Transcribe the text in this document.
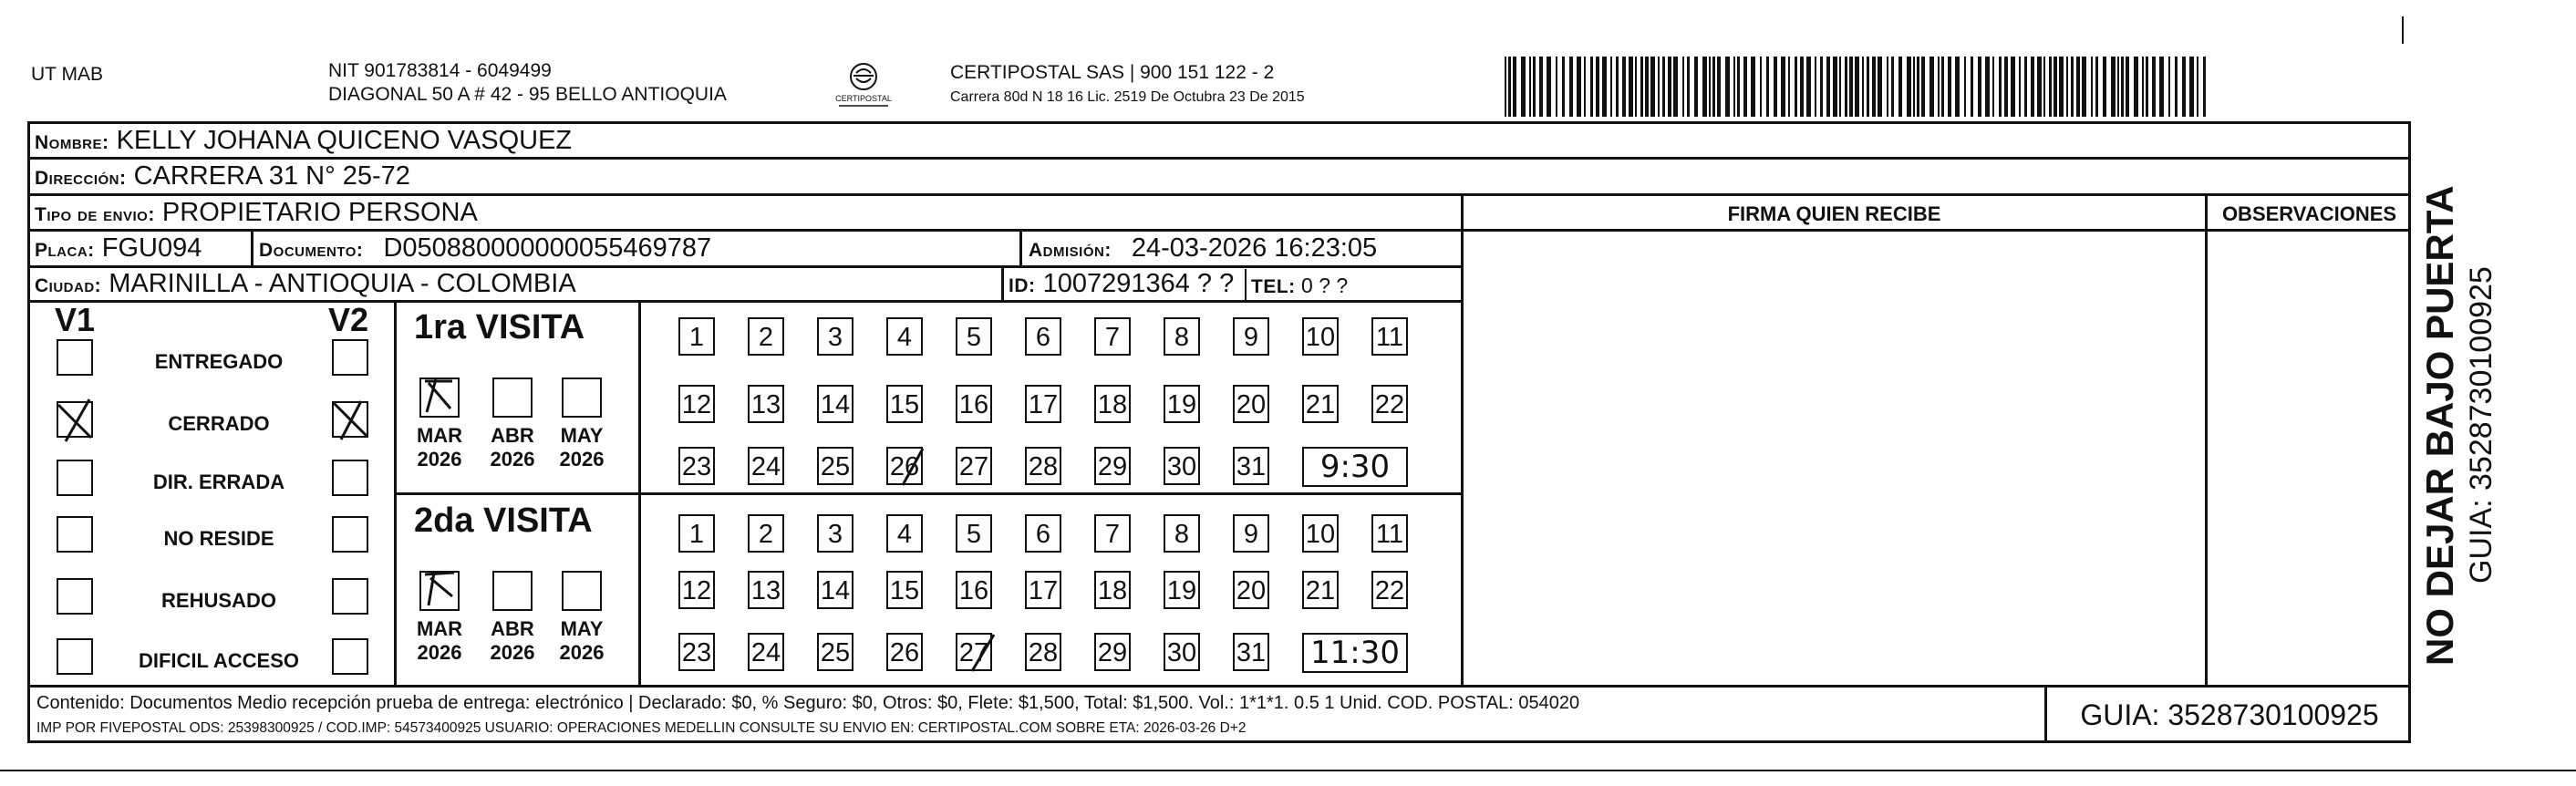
UT MAB	NIT 901783814 - 6049499
DIAGONAL 50 A # 42 - 95 BELLO ANTIOQUIA	CERTIPOSTAL
CERTIPOSTAL SAS | 900 151 122 - 2
Carrera 80d N 18 16 Lic. 2519 De Octubra 23 De 2015
Nombre: KELLY JOHANA QUICENO VASQUEZ
Dirección: CARRERA 31 N° 25-72
Tipo de envio: PROPIETARIO PERSONA
Placa: FGU094	Documento: D050880000000055469787	Admisión: 24-03-2026 16:23:05
Ciudad: MARINILLA - ANTIOQUIA - COLOMBIA	ID: 1007291364 ? ? TEL: 0 ? ?
FIRMA QUIEN RECIBE	OBSERVACIONES
V1	V2
ENTREGADO
CERRADO
DIR. ERRADA
NO RESIDE
REHUSADO
DIFICIL ACCESO
1ra VISITA
MAR
2026
ABR
2026
MAY
2026
1	2	3	4	5	6	7	8	9	10 11
12 13 14 15 16 17 18 19 20 21 22
23 24 25 26 27 28 29 30 31	9:30
2da VISITA
MAR
2026
ABR
2026
MAY
2026
1	2	3	4	5	6	7	8	9	10 11
12 13 14 15 16 17 18 19 20 21 22
23 24 25 26 27 28 29 30 31 11:30
Contenido: Documentos Medio recepción prueba de entrega: electrónico | Declarado: $0, % Seguro: $0, Otros: $0, Flete: $1,500, Total: $1,500. Vol.: 1*1*1. 0.5 1 Unid. COD. POSTAL: 054020
IMP POR FIVEPOSTAL ODS: 25398300925 / COD.IMP: 54573400925 USUARIO: OPERACIONES MEDELLIN CONSULTE SU ENVIO EN: CERTIPOSTAL.COM SOBRE ETA: 2026-03-26 D+2	GUIA: 3528730100925
NO DEJAR BAJO PUERTA GUIA: 3528730100925
